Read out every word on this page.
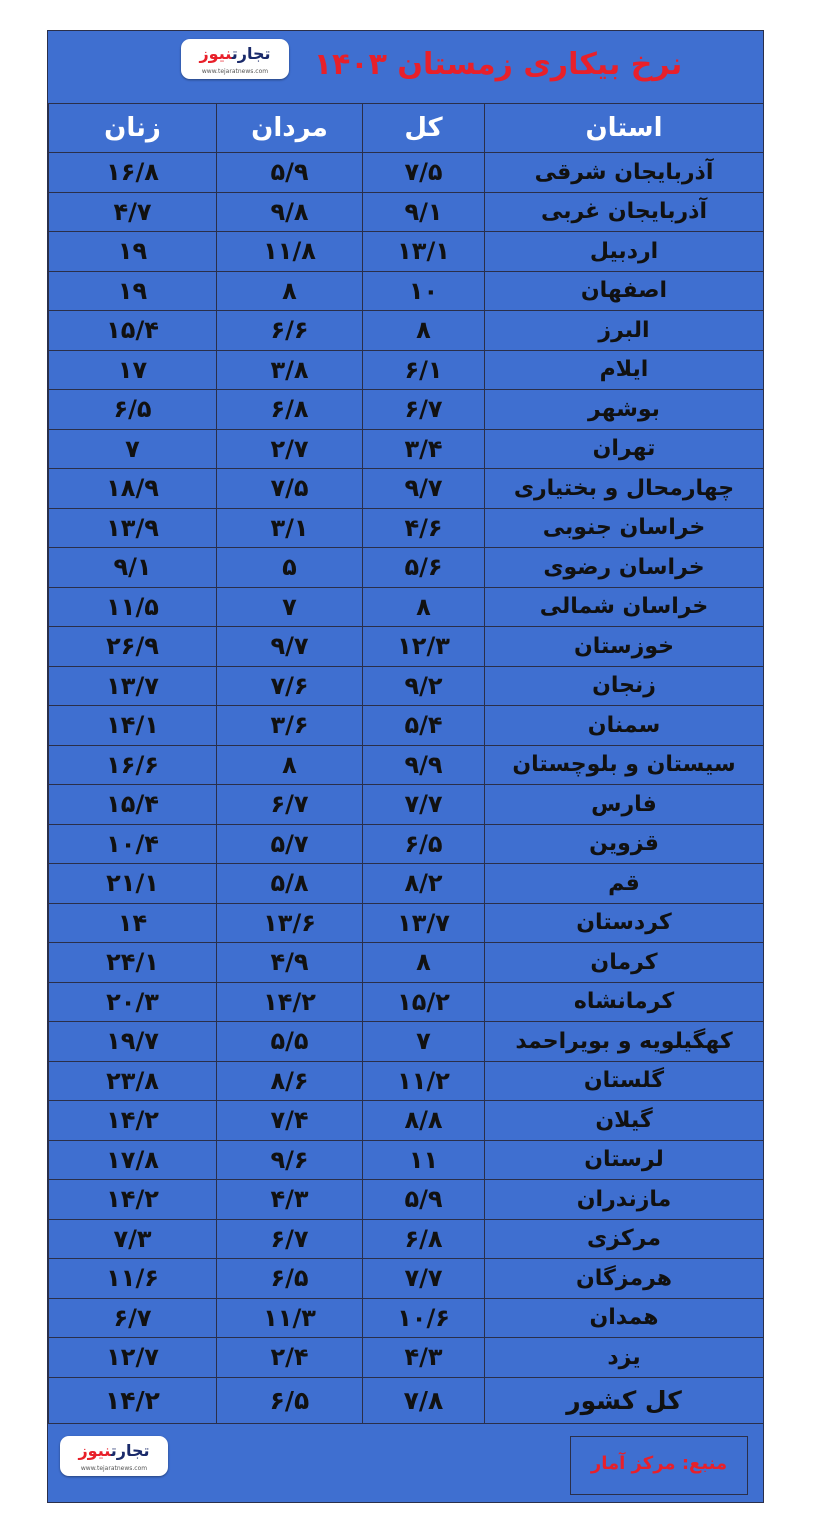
تجارتنیوز
www.tejaratnews.com	نرخ بیکاری زمستان ۱۴۰۳
استان	کل	مردان	زنان
آذربایجان شرقی	۷/۵	۵/۹	۱۶/۸
آذربایجان غربی	۹/۱	۹/۸	۴/۷
اردبیل	۱۳/۱	۱۱/۸	۱۹
اصفهان	۱۰	۸	۱۹
البرز	۸	۶/۶	۱۵/۴
ایلام	۶/۱	۳/۸	۱۷
بوشهر	۶/۷	۶/۸	۶/۵
تهران	۳/۴	۲/۷	۷
چهارمحال و بختیاری	۹/۷	۷/۵	۱۸/۹
خراسان جنوبی	۴/۶	۳/۱	۱۳/۹
خراسان رضوی	۵/۶	۵	۹/۱
خراسان شمالی	۸	۷	۱۱/۵
خوزستان	۱۲/۳	۹/۷	۲۶/۹
زنجان	۹/۲	۷/۶	۱۳/۷
سمنان	۵/۴	۳/۶	۱۴/۱
سیستان و بلوچستان	۹/۹	۸	۱۶/۶
فارس	۷/۷	۶/۷	۱۵/۴
قزوین	۶/۵	۵/۷	۱۰/۴
قم	۸/۲	۵/۸	۲۱/۱
کردستان	۱۳/۷	۱۳/۶	۱۴
کرمان	۸	۴/۹	۲۴/۱
کرمانشاه	۱۵/۲	۱۴/۲	۲۰/۳
کهگیلویه و بویراحمد	۷	۵/۵	۱۹/۷
گلستان	۱۱/۲	۸/۶	۲۳/۸
گیلان	۸/۸	۷/۴	۱۴/۲
لرستان	۱۱	۹/۶	۱۷/۸
مازندران	۵/۹	۴/۳	۱۴/۲
مرکزی	۶/۸	۶/۷	۷/۳
هرمزگان	۷/۷	۶/۵	۱۱/۶
همدان	۱۰/۶	۱۱/۳	۶/۷
یزد	۴/۳	۲/۴	۱۲/۷
کل کشور	۷/۸	۶/۵	۱۴/۲
تجارتنیوز
www.tejaratnews.com	منبع: مرکز آمار
